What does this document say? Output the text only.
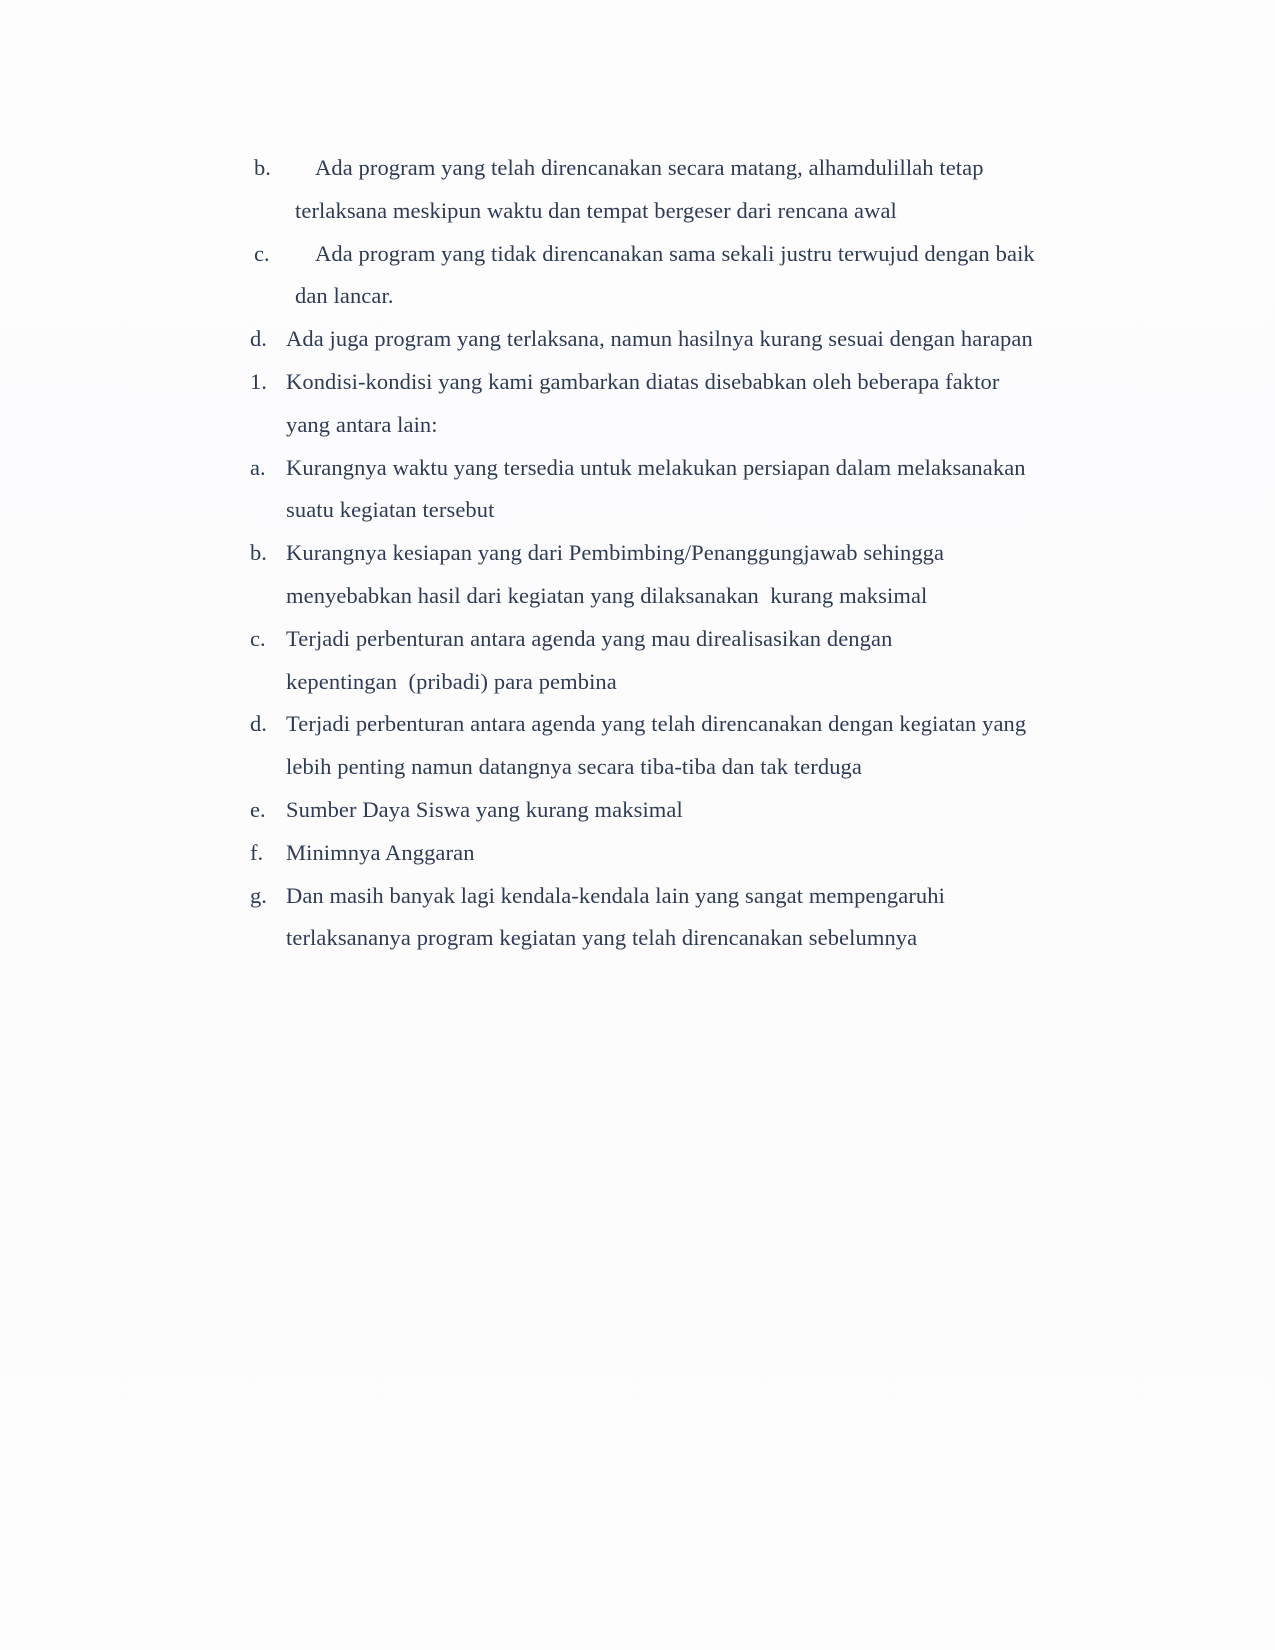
b. Ada program yang telah direncanakan secara matang, alhamdulillah tetap
terlaksana meskipun waktu dan tempat bergeser dari rencana awal
c. Ada program yang tidak direncanakan sama sekali justru terwujud dengan baik
dan lancar.
d. Ada juga program yang terlaksana, namun hasilnya kurang sesuai dengan harapan
1. Kondisi-kondisi yang kami gambarkan diatas disebabkan oleh beberapa faktor
yang antara lain:
a. Kurangnya waktu yang tersedia untuk melakukan persiapan dalam melaksanakan
suatu kegiatan tersebut
b. Kurangnya kesiapan yang dari Pembimbing/Penanggungjawab sehingga
menyebabkan hasil dari kegiatan yang dilaksanakan  kurang maksimal
c. Terjadi perbenturan antara agenda yang mau direalisasikan dengan
kepentingan  (pribadi) para pembina
d. Terjadi perbenturan antara agenda yang telah direncanakan dengan kegiatan yang
lebih penting namun datangnya secara tiba-tiba dan tak terduga
e. Sumber Daya Siswa yang kurang maksimal
f. Minimnya Anggaran
g. Dan masih banyak lagi kendala-kendala lain yang sangat mempengaruhi
terlaksananya program kegiatan yang telah direncanakan sebelumnya
